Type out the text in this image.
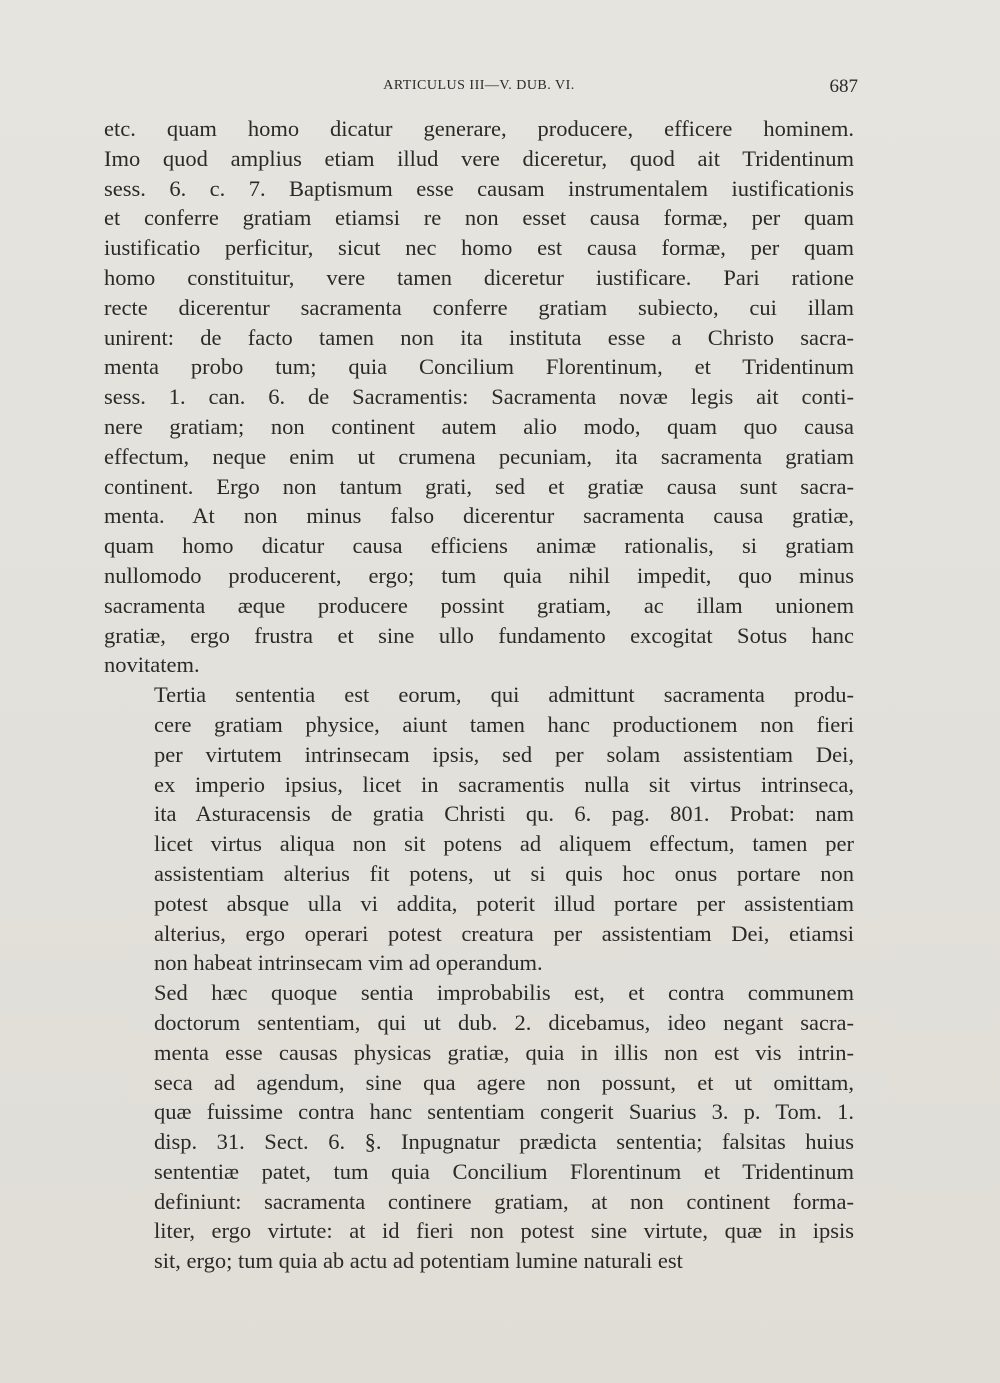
ARTICULUS III—V. DUB. VI.	687
etc. quam homo dicatur generare, producere, efficere hominem.
Imo quod amplius etiam illud vere diceretur, quod ait Tridentinum
sess. 6. c. 7. Baptismum esse causam instrumentalem iustificationis
et conferre gratiam etiamsi re non esset causa formæ, per quam
iustificatio perficitur, sicut nec homo est causa formæ, per quam
homo constituitur, vere tamen diceretur iustificare. Pari ratione
recte dicerentur sacramenta conferre gratiam subiecto, cui illam
unirent: de facto tamen non ita instituta esse a Christo sacra-
menta probo tum; quia Concilium Florentinum, et Tridentinum
sess. 1. can. 6. de Sacramentis: Sacramenta novæ legis ait conti-
nere gratiam; non continent autem alio modo, quam quo causa
effectum, neque enim ut crumena pecuniam, ita sacramenta gratiam
continent. Ergo non tantum grati, sed et gratiæ causa sunt sacra-
menta. At non minus falso dicerentur sacramenta causa gratiæ,
quam homo dicatur causa efficiens animæ rationalis, si gratiam
nullomodo producerent, ergo; tum quia nihil impedit, quo minus
sacramenta æque producere possint gratiam, ac illam unionem
gratiæ, ergo frustra et sine ullo fundamento excogitat Sotus hanc
novitatem.
Tertia sententia est eorum, qui admittunt sacramenta produ-
cere gratiam physice, aiunt tamen hanc productionem non fieri
per virtutem intrinsecam ipsis, sed per solam assistentiam Dei,
ex imperio ipsius, licet in sacramentis nulla sit virtus intrinseca,
ita Asturacensis de gratia Christi qu. 6. pag. 801. Probat: nam
licet virtus aliqua non sit potens ad aliquem effectum, tamen per
assistentiam alterius fit potens, ut si quis hoc onus portare non
potest absque ulla vi addita, poterit illud portare per assistentiam
alterius, ergo operari potest creatura per assistentiam Dei, etiamsi
non habeat intrinsecam vim ad operandum.
Sed hæc quoque sentia improbabilis est, et contra communem
doctorum sententiam, qui ut dub. 2. dicebamus, ideo negant sacra-
menta esse causas physicas gratiæ, quia in illis non est vis intrin-
seca ad agendum, sine qua agere non possunt, et ut omittam,
quæ fuissime contra hanc sententiam congerit Suarius 3. p. Tom. 1.
disp. 31. Sect. 6. §. Inpugnatur prædicta sententia; falsitas huius
sententiæ patet, tum quia Concilium Florentinum et Tridentinum
definiunt: sacramenta continere gratiam, at non continent forma-
liter, ergo virtute: at id fieri non potest sine virtute, quæ in ipsis
sit, ergo; tum quia ab actu ad potentiam lumine naturali est
